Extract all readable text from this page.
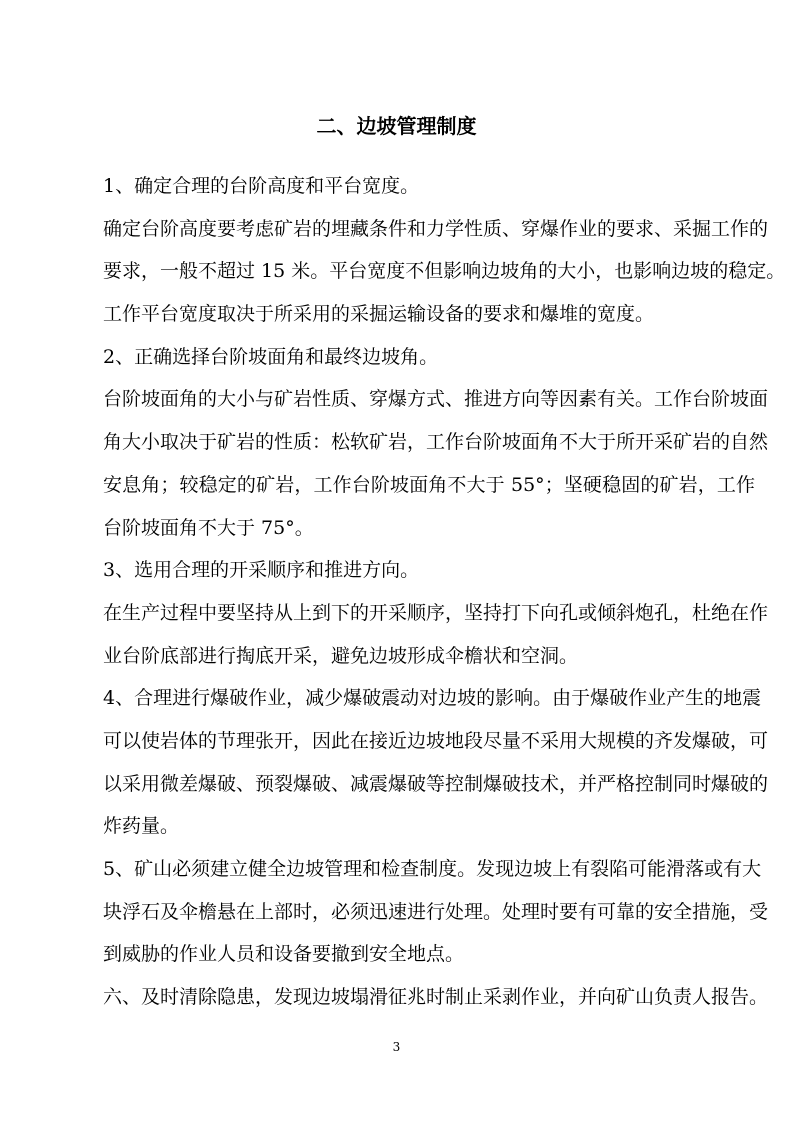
二、边坡管理制度
1、确定合理的台阶高度和平台宽度。
确定台阶高度要考虑矿岩的埋藏条件和力学性质、穿爆作业的要求、采掘工作的
要求，一般不超过 15 米。平台宽度不但影响边坡角的大小，也影响边坡的稳定。
工作平台宽度取决于所采用的采掘运输设备的要求和爆堆的宽度。
2、正确选择台阶坡面角和最终边坡角。
台阶坡面角的大小与矿岩性质、穿爆方式、推进方向等因素有关。工作台阶坡面
角大小取决于矿岩的性质：松软矿岩，工作台阶坡面角不大于所开采矿岩的自然
安息角；较稳定的矿岩，工作台阶坡面角不大于 55°；坚硬稳固的矿岩，工作
台阶坡面角不大于 75°。
3、选用合理的开采顺序和推进方向。
在生产过程中要坚持从上到下的开采顺序，坚持打下向孔或倾斜炮孔，杜绝在作
业台阶底部进行掏底开采，避免边坡形成伞檐状和空洞。
4、合理进行爆破作业，减少爆破震动对边坡的影响。由于爆破作业产生的地震
可以使岩体的节理张开，因此在接近边坡地段尽量不采用大规模的齐发爆破，可
以采用微差爆破、预裂爆破、减震爆破等控制爆破技术，并严格控制同时爆破的
炸药量。
5、矿山必须建立健全边坡管理和检查制度。发现边坡上有裂陷可能滑落或有大
块浮石及伞檐悬在上部时，必须迅速进行处理。处理时要有可靠的安全措施，受
到威胁的作业人员和设备要撤到安全地点。
六、及时清除隐患，发现边坡塌滑征兆时制止采剥作业，并向矿山负责人报告。
3
